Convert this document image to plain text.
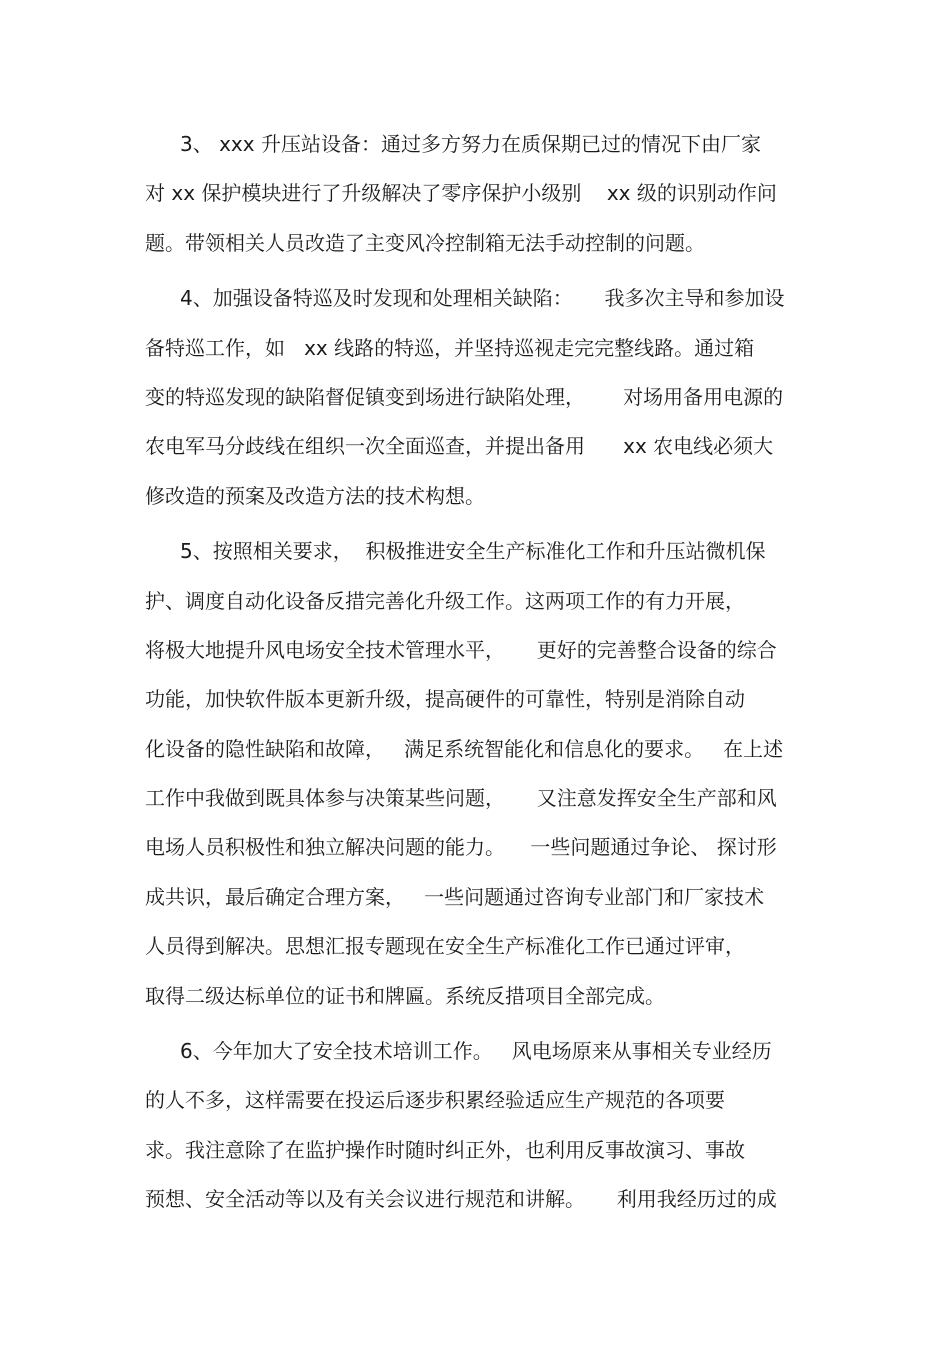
3、 xxx 升压站设备：通过多方努力在质保期已过的情况下由厂家
对 xx 保护模块进行了升级解决了零序保护小级别    xx 级的识别动作问
题。带领相关人员改造了主变风冷控制箱无法手动控制的问题。
4、加强设备特巡及时发现和处理相关缺陷：     我多次主导和参加设
备特巡工作，如   xx 线路的特巡，并坚持巡视走完完整线路。通过箱
变的特巡发现的缺陷督促镇变到场进行缺陷处理，      对场用备用电源的
农电军马分歧线在组织一次全面巡查，并提出备用      xx 农电线必须大
修改造的预案及改造方法的技术构想。
5、按照相关要求，  积极推进安全生产标准化工作和升压站微机保
护、调度自动化设备反措完善化升级工作。这两项工作的有力开展，
将极大地提升风电场安全技术管理水平，     更好的完善整合设备的综合
功能，加快软件版本更新升级，提高硬件的可靠性，特别是消除自动
化设备的隐性缺陷和故障，   满足系统智能化和信息化的要求。   在上述
工作中我做到既具体参与决策某些问题，     又注意发挥安全生产部和风
电场人员积极性和独立解决问题的能力。    一些问题通过争论、 探讨形
成共识，最后确定合理方案，   一些问题通过咨询专业部门和厂家技术
人员得到解决。思想汇报专题现在安全生产标准化工作已通过评审，
取得二级达标单位的证书和牌匾。系统反措项目全部完成。
6、今年加大了安全技术培训工作。   风电场原来从事相关专业经历
的人不多，这样需要在投运后逐步积累经验适应生产规范的各项要
求。我注意除了在监护操作时随时纠正外，也利用反事故演习、事故
预想、安全活动等以及有关会议进行规范和讲解。     利用我经历过的成
